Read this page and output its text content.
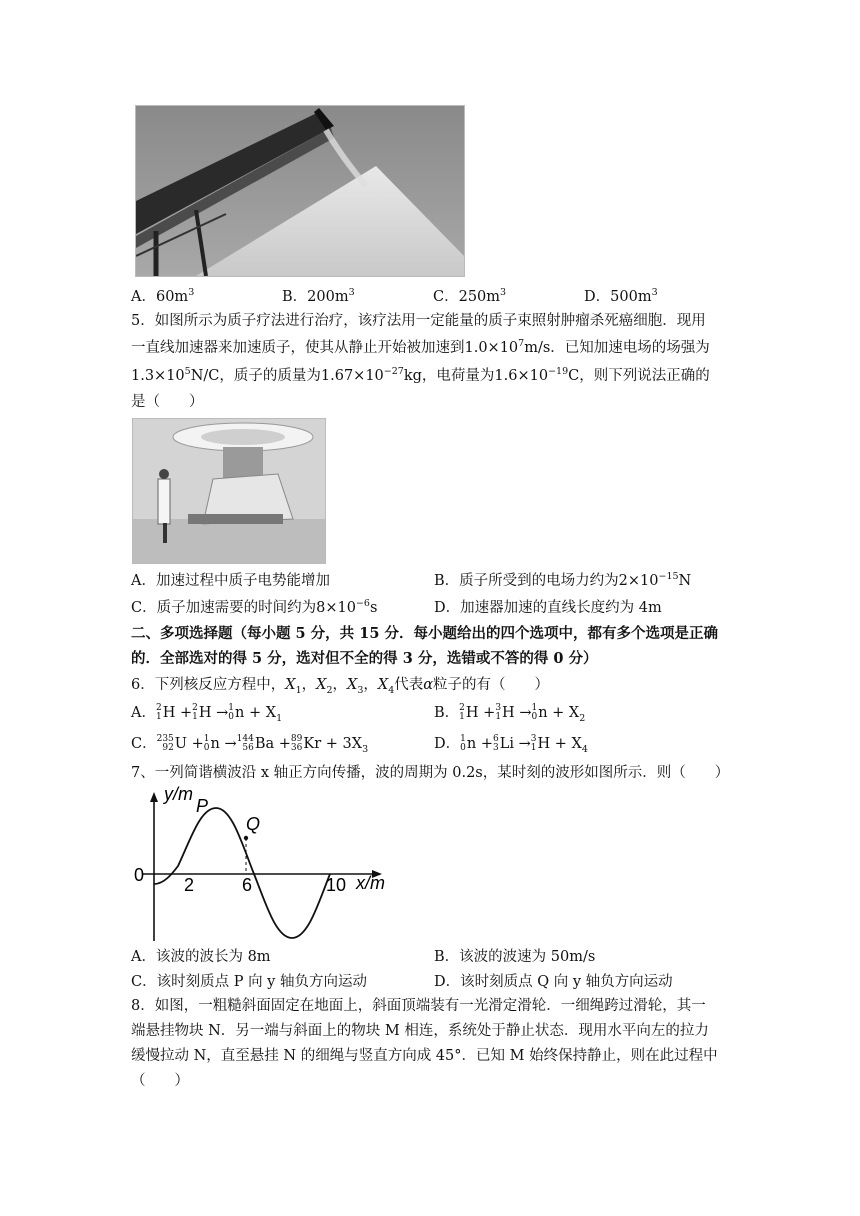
A．$60m^3$	B．$200m^3$	C．$250m^3$	D．$500m^3$
5．如图所示为质子疗法进行治疗，该疗法用一定能量的质子束照射肿瘤杀死癌细胞．现用
一直线加速器来加速质子，使其从静止开始被加速到$1.0\times 10^7m/s$．已知加速电场的场强为
$1.3\times 10^5N/C$，质子的质量为$1.67\times 10^{-27}kg$，电荷量为$1.6\times 10^{-19}C$，则下列说法正确的
是（　　）
A．加速过程中质子电势能增加	B．质子所受到的电场力约为$2\times 10^{-15}N$
C．质子加速需要的时间约为$8\times 10^{-6}s$	D．加速器加速的直线长度约为 4m
二、多项选择题（每小题 5 分，共 15 分．每小题给出的四个选项中，都有多个选项是正确
的．全部选对的得 5 分，选对但不全的得 3 分，选错或不答的得 0 分）
6．下列核反应方程中，$X_1$，$X_2$，$X_3$，$X_4$代表α粒子的有（　　）
A． 2
1 H + 2
1 H → 1
0 $n + X_1$	B． 2
1 H + 3
1 H → 1
0 $n + X_2$
C． 235
92 U + 1
0 n → 144
56 Ba + 89
36 $Kr + 3X_3$	D． 1
0 n + 6
3 Li → 3
1 $H + X_4$
7、一列简谐横波沿 x 轴正方向传播，波的周期为 0.2s，某时刻的波形如图所示．则（　　）
y/m
x/m
0 2	6	10
P
Q
A．该波的波长为 8m	B．该波的波速为 50m/s
C．该时刻质点 P 向 y 轴负方向运动	D．该时刻质点 Q 向 y 轴负方向运动
8．如图，一粗糙斜面固定在地面上，斜面顶端装有一光滑定滑轮．一细绳跨过滑轮，其一
端悬挂物块 N．另一端与斜面上的物块 M 相连，系统处于静止状态．现用水平向左的拉力
缓慢拉动 N，直至悬挂 N 的细绳与竖直方向成 45°．已知 M 始终保持静止，则在此过程中
（　　）
